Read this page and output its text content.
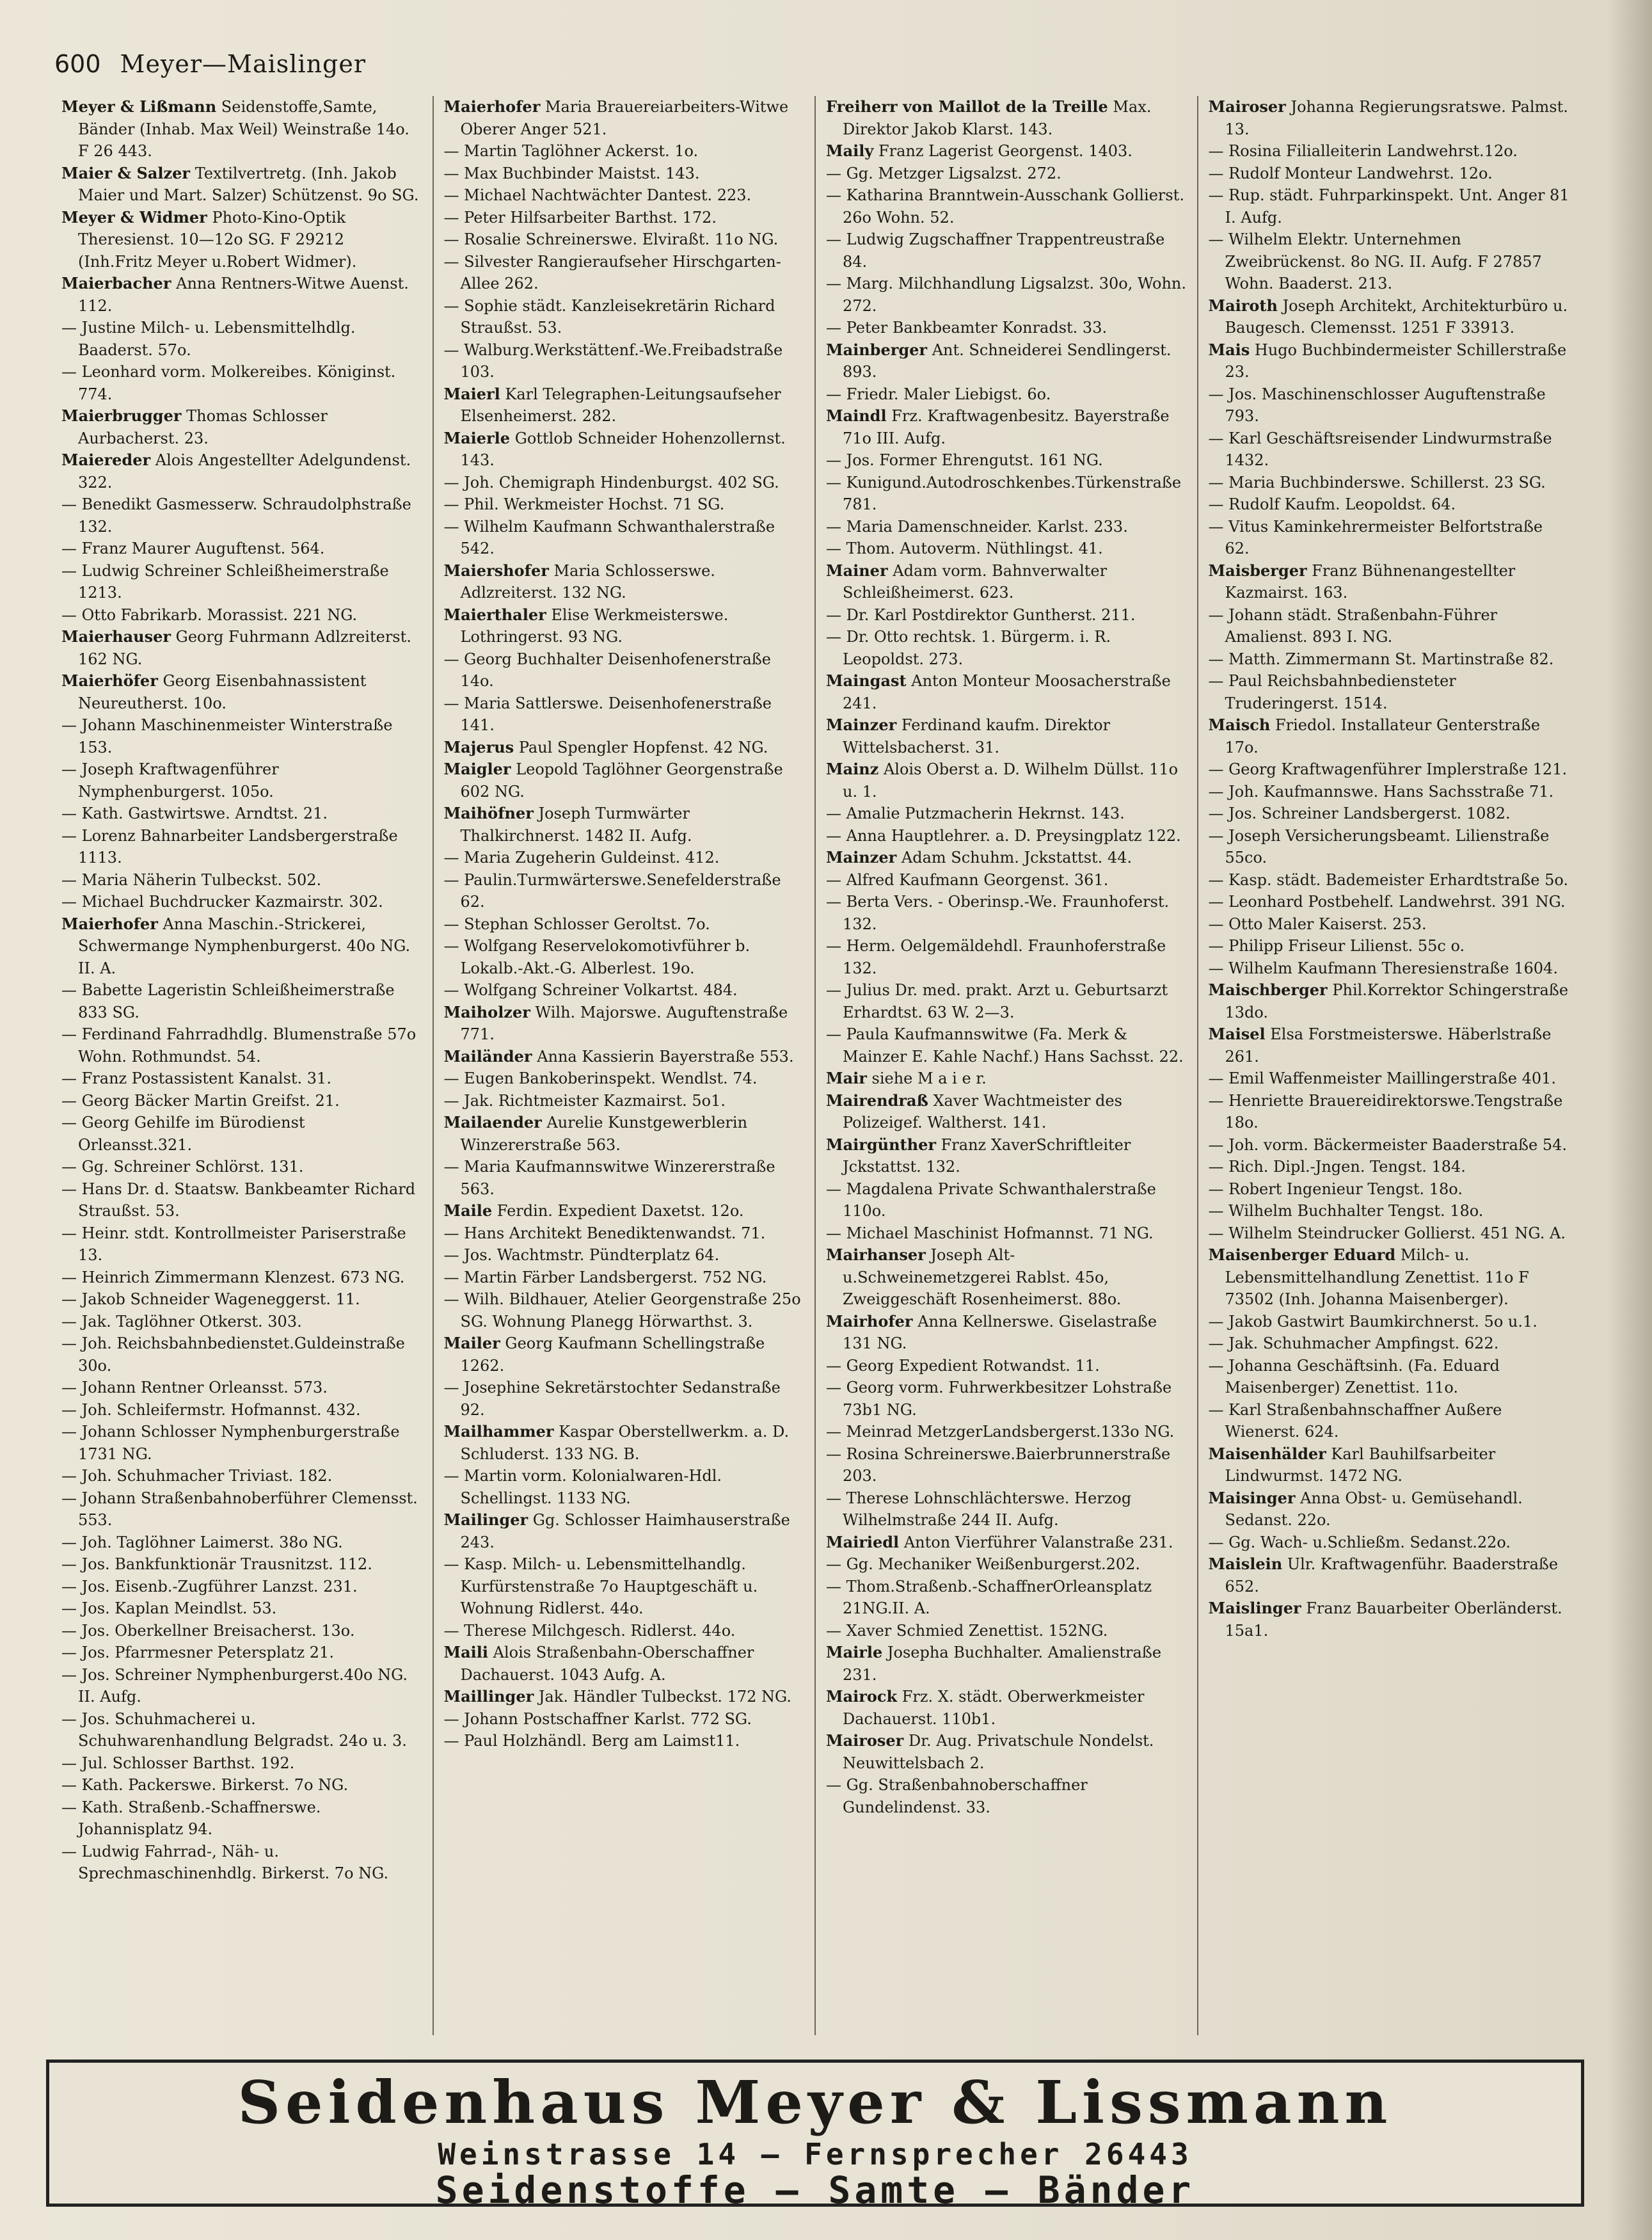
600 Meyer—Maislinger

Meyer & Lißmann Seidenstoffe,Samte, Bänder (Inhab. Max Weil) Weinstraße 14o. F 26 443.

Maier & Salzer Textilvertretg. (Inh. Jakob Maier und Mart. Salzer) Schützenst. 9o SG.

Meyer & Widmer Photo-Kino-Optik Theresienst. 10—12o SG. F 29212 (Inh.Fritz Meyer u.Robert Widmer).

Maierbacher Anna Rentners-Witwe Auenst. 112.

— Justine Milch- u. Lebensmittelhdlg. Baaderst. 57o.

— Leonhard vorm. Molkereibes. Königinst. 774.

Maierbrugger Thomas Schlosser Aurbacherst. 23.

Maiereder Alois Angestellter Adelgundenst. 322.

— Benedikt Gasmesserw. Schraudolphstraße 132.

— Franz Maurer Auguftenst. 564.

— Ludwig Schreiner Schleißheimerstraße 1213.

— Otto Fabrikarb. Morassist. 221 NG.

Maierhauser Georg Fuhrmann Adlzreiterst. 162 NG.

Maierhöfer Georg Eisenbahnassistent Neureutherst. 10o.

— Johann Maschinenmeister Winterstraße 153.

— Joseph Kraftwagenführer Nymphenburgerst. 105o.

— Kath. Gastwirtswe. Arndtst. 21.

— Lorenz Bahnarbeiter Landsbergerstraße 1113.

— Maria Näherin Tulbeckst. 502.

— Michael Buchdrucker Kazmairstr. 302.

Maierhofer Anna Maschin.-Strickerei, Schwermange Nymphenburgerst. 40o NG. II. A.

— Babette Lageristin Schleißheimerstraße 833 SG.

— Ferdinand Fahrradhdlg. Blumenstraße 57o Wohn. Rothmundst. 54.

— Franz Postassistent Kanalst. 31.

— Georg Bäcker Martin Greifst. 21.

— Georg Gehilfe im Bürodienst Orleansst.321.

— Gg. Schreiner Schlörst. 131.

— Hans Dr. d. Staatsw. Bankbeamter Richard Straußst. 53.

— Heinr. stdt. Kontrollmeister Pariserstraße 13.

— Heinrich Zimmermann Klenzest. 673 NG.

— Jakob Schneider Wageneggerst. 11.

— Jak. Taglöhner Otkerst. 303.

— Joh. Reichsbahnbedienstet.Guldeinstraße 30o.

— Johann Rentner Orleansst. 573.

— Joh. Schleifermstr. Hofmannst. 432.

— Johann Schlosser Nymphenburgerstraße 1731 NG.

— Joh. Schuhmacher Triviast. 182.

— Johann Straßenbahnoberführer Clemensst. 553.

— Joh. Taglöhner Laimerst. 38o NG.

— Jos. Bankfunktionär Trausnitzst. 112.

— Jos. Eisenb.-Zugführer Lanzst. 231.

— Jos. Kaplan Meindlst. 53.

— Jos. Oberkellner Breisacherst. 13o.

— Jos. Pfarrmesner Petersplatz 21.

— Jos. Schreiner Nymphenburgerst.40o NG. II. Aufg.

— Jos. Schuhmacherei u. Schuhwarenhandlung Belgradst. 24o u. 3.

— Jul. Schlosser Barthst. 192.

— Kath. Packerswe. Birkerst. 7o NG.

— Kath. Straßenb.-Schaffnerswe. Johannisplatz 94.

— Ludwig Fahrrad-, Näh- u. Sprechmaschinenhdlg. Birkerst. 7o NG.

Maierhofer Maria Brauereiarbeiters-Witwe Oberer Anger 521.

— Martin Taglöhner Ackerst. 1o.

— Max Buchbinder Maistst. 143.

— Michael Nachtwächter Dantest. 223.

— Peter Hilfsarbeiter Barthst. 172.

— Rosalie Schreinerswe. Elviraßt. 11o NG.

— Silvester Rangieraufseher Hirschgarten-Allee 262.

— Sophie städt. Kanzleisekretärin Richard Straußst. 53.

— Walburg.Werkstättenf.-We.Freibadstraße 103.

Maierl Karl Telegraphen-Leitungsaufseher Elsenheimerst. 282.

Maierle Gottlob Schneider Hohenzollernst. 143.

— Joh. Chemigraph Hindenburgst. 402 SG.

— Phil. Werkmeister Hochst. 71 SG.

— Wilhelm Kaufmann Schwanthalerstraße 542.

Maiershofer Maria Schlosserswe. Adlzreiterst. 132 NG.

Maierthaler Elise Werkmeisterswe. Lothringerst. 93 NG.

— Georg Buchhalter Deisenhofenerstraße 14o.

— Maria Sattlerswe. Deisenhofenerstraße 141.

Majerus Paul Spengler Hopfenst. 42 NG.

Maigler Leopold Taglöhner Georgenstraße 602 NG.

Maihöfner Joseph Turmwärter Thalkirchnerst. 1482 II. Aufg.

— Maria Zugeherin Guldeinst. 412.

— Paulin.Turmwärterswe.Senefelderstraße 62.

— Stephan Schlosser Geroltst. 7o.

— Wolfgang Reservelokomotivführer b. Lokalb.-Akt.-G. Alberlest. 19o.

— Wolfgang Schreiner Volkartst. 484.

Maiholzer Wilh. Majorswe. Auguftenstraße 771.

Mailänder Anna Kassierin Bayerstraße 553.

— Eugen Bankoberinspekt. Wendlst. 74.

— Jak. Richtmeister Kazmairst. 5o1.

Mailaender Aurelie Kunstgewerblerin Winzererstraße 563.

— Maria Kaufmannswitwe Winzererstraße 563.

Maile Ferdin. Expedient Daxetst. 12o.

— Hans Architekt Benediktenwandst. 71.

— Jos. Wachtmstr. Pündterplatz 64.

— Martin Färber Landsbergerst. 752 NG.

— Wilh. Bildhauer, Atelier Georgenstraße 25o SG. Wohnung Planegg Hörwarthst. 3.

Mailer Georg Kaufmann Schellingstraße 1262.

— Josephine Sekretärstochter Sedanstraße 92.

Mailhammer Kaspar Oberstellwerkm. a. D. Schluderst. 133 NG. B.

— Martin vorm. Kolonialwaren-Hdl. Schellingst. 1133 NG.

Mailinger Gg. Schlosser Haimhauserstraße 243.

— Kasp. Milch- u. Lebensmittelhandlg. Kurfürstenstraße 7o Hauptgeschäft u. Wohnung Ridlerst. 44o.

— Therese Milchgesch. Ridlerst. 44o.

Maili Alois Straßenbahn-Oberschaffner Dachauerst. 1043 Aufg. A.

Maillinger Jak. Händler Tulbeckst. 172 NG.

— Johann Postschaffner Karlst. 772 SG.

— Paul Holzhändl. Berg am Laimst11.

Freiherr von Maillot de la Treille Max. Direktor Jakob Klarst. 143.

Maily Franz Lagerist Georgenst. 1403.

— Gg. Metzger Ligsalzst. 272.

— Katharina Branntwein-Ausschank Gollierst. 26o Wohn. 52.

— Ludwig Zugschaffner Trappentreustraße 84.

— Marg. Milchhandlung Ligsalzst. 30o, Wohn. 272.

— Peter Bankbeamter Konradst. 33.

Mainberger Ant. Schneiderei Sendlingerst. 893.

— Friedr. Maler Liebigst. 6o.

Maindl Frz. Kraftwagenbesitz. Bayerstraße 71o III. Aufg.

— Jos. Former Ehrengutst. 161 NG.

— Kunigund.Autodroschkenbes.Türkenstraße 781.

— Maria Damenschneider. Karlst. 233.

— Thom. Autoverm. Nüthlingst. 41.

Mainer Adam vorm. Bahnverwalter Schleißheimerst. 623.

— Dr. Karl Postdirektor Guntherst. 211.

— Dr. Otto rechtsk. 1. Bürgerm. i. R. Leopoldst. 273.

Maingast Anton Monteur Moosacherstraße 241.

Mainzer Ferdinand kaufm. Direktor Wittelsbacherst. 31.

Mainz Alois Oberst a. D. Wilhelm Düllst. 11o u. 1.

— Amalie Putzmacherin Hekrnst. 143.

— Anna Hauptlehrer. a. D. Preysingplatz 122.

Mainzer Adam Schuhm. Jckstattst. 44.

— Alfred Kaufmann Georgenst. 361.

— Berta Vers. - Oberinsp.-We. Fraunhoferst. 132.

— Herm. Oelgemäldehdl. Fraunhoferstraße 132.

— Julius Dr. med. prakt. Arzt u. Geburtsarzt Erhardtst. 63 W. 2—3.

— Paula Kaufmannswitwe (Fa. Merk & Mainzer E. Kahle Nachf.) Hans Sachsst. 22.

Mair siehe M a i e r.

Mairendraß Xaver Wachtmeister des Polizeigef. Waltherst. 141.

Mairgünther Franz XaverSchriftleiter Jckstattst. 132.

— Magdalena Private Schwanthalerstraße 110o.

— Michael Maschinist Hofmannst. 71 NG.

Mairhanser Joseph Alt- u.Schweinemetzgerei Rablst. 45o, Zweiggeschäft Rosenheimerst. 88o.

Mairhofer Anna Kellnerswe. Giselastraße 131 NG.

— Georg Expedient Rotwandst. 11.

— Georg vorm. Fuhrwerkbesitzer Lohstraße 73b1 NG.

— Meinrad MetzgerLandsbergerst.133o NG.

— Rosina Schreinerswe.Baierbrunnerstraße 203.

— Therese Lohnschlächterswe. Herzog Wilhelmstraße 244 II. Aufg.

Mairiedl Anton Vierführer Valanstraße 231.

— Gg. Mechaniker Weißenburgerst.202.

— Thom.Straßenb.-SchaffnerOrleansplatz 21NG.II. A.

— Xaver Schmied Zenettist. 152NG.

Mairle Josepha Buchhalter. Amalienstraße 231.

Mairock Frz. X. städt. Oberwerkmeister Dachauerst. 110b1.

Mairoser Dr. Aug. Privatschule Nondelst. Neuwittelsbach 2.

— Gg. Straßenbahnoberschaffner Gundelindenst. 33.

Mairoser Johanna Regierungsratswe. Palmst. 13.

— Rosina Filialleiterin Landwehrst.12o.

— Rudolf Monteur Landwehrst. 12o.

— Rup. städt. Fuhrparkinspekt. Unt. Anger 81 I. Aufg.

— Wilhelm Elektr. Unternehmen Zweibrückenst. 8o NG. II. Aufg. F 27857 Wohn. Baaderst. 213.

Mairoth Joseph Architekt, Architekturbüro u. Baugesch. Clemensst. 1251 F 33913.

Mais Hugo Buchbindermeister Schillerstraße 23.

— Jos. Maschinenschlosser Auguftenstraße 793.

— Karl Geschäftsreisender Lindwurmstraße 1432.

— Maria Buchbinderswe. Schillerst. 23 SG.

— Rudolf Kaufm. Leopoldst. 64.

— Vitus Kaminkehrermeister Belfortstraße 62.

Maisberger Franz Bühnenangestellter Kazmairst. 163.

— Johann städt. Straßenbahn-Führer Amalienst. 893 I. NG.

— Matth. Zimmermann St. Martinstraße 82.

— Paul Reichsbahnbediensteter Truderingerst. 1514.

Maisch Friedol. Installateur Genterstraße 17o.

— Georg Kraftwagenführer Implerstraße 121.

— Joh. Kaufmannswe. Hans Sachsstraße 71.

— Jos. Schreiner Landsbergerst. 1082.

— Joseph Versicherungsbeamt. Lilienstraße 55co.

— Kasp. städt. Bademeister Erhardtstraße 5o.

— Leonhard Postbehelf. Landwehrst. 391 NG.

— Otto Maler Kaiserst. 253.

— Philipp Friseur Lilienst. 55c o.

— Wilhelm Kaufmann Theresienstraße 1604.

Maischberger Phil.Korrektor Schingerstraße 13do.

Maisel Elsa Forstmeisterswe. Häberlstraße 261.

— Emil Waffenmeister Maillingerstraße 401.

— Henriette Brauereidirektorswe.Tengstraße 18o.

— Joh. vorm. Bäckermeister Baaderstraße 54.

— Rich. Dipl.-Jngen. Tengst. 184.

— Robert Ingenieur Tengst. 18o.

— Wilhelm Buchhalter Tengst. 18o.

— Wilhelm Steindrucker Gollierst. 451 NG. A.

Maisenberger Eduard Milch- u. Lebensmittelhandlung Zenettist. 11o F 73502 (Inh. Johanna Maisenberger).

— Jakob Gastwirt Baumkirchnerst. 5o u.1.

— Jak. Schuhmacher Ampfingst. 622.

— Johanna Geschäftsinh. (Fa. Eduard Maisenberger) Zenettist. 11o.

— Karl Straßenbahnschaffner Außere Wienerst. 624.

Maisenhälder Karl Bauhilfsarbeiter Lindwurmst. 1472 NG.

Maisinger Anna Obst- u. Gemüsehandl. Sedanst. 22o.

— Gg. Wach- u.Schließm. Sedanst.22o.

Maislein Ulr. Kraftwagenführ. Baaderstraße 652.

Maislinger Franz Bauarbeiter Oberländerst. 15a1.

Seidenhaus Meyer & Lissmann
Weinstrasse 14 — Fernsprecher 26443
Seidenstoffe — Samte — Bänder
